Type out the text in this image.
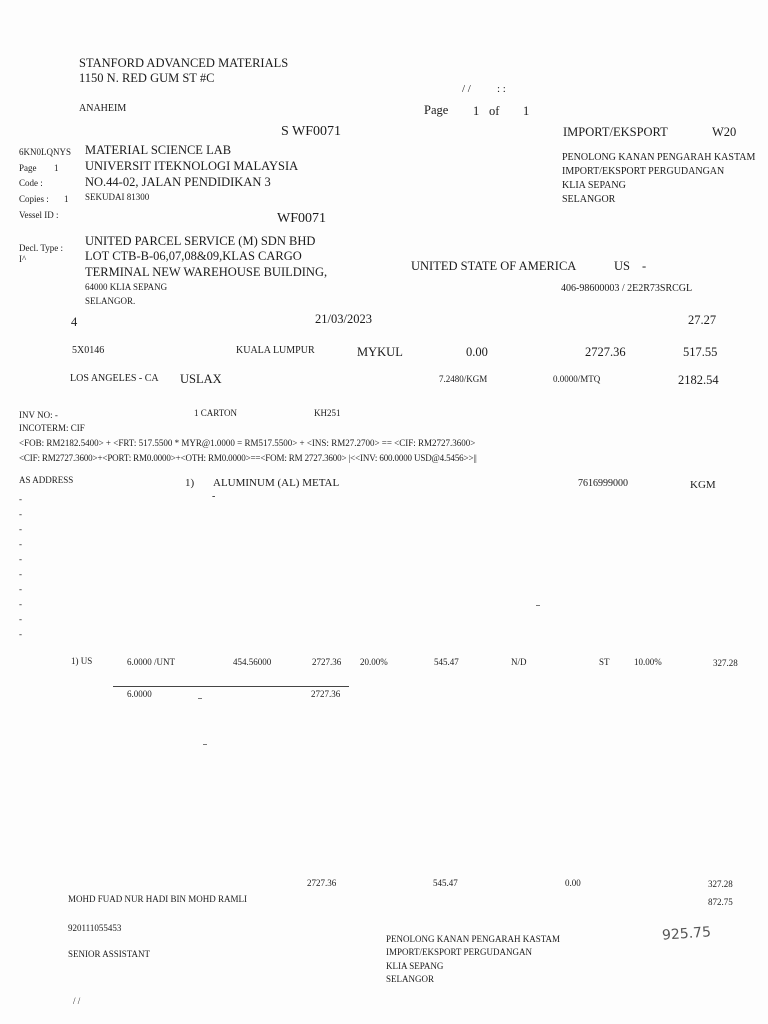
STANFORD ADVANCED MATERIALS
1150 N. RED GUM ST #C
ANAHEIM
/ / : :
Page 1 of 1
S WF0071	IMPORT/EKSPORT	W20
6KN0LQNYS
Page 1
Code :
Copies : 1
Vessel ID :
Decl. Type :
I^
MATERIAL SCIENCE LAB
UNIVERSIT ITEKNOLOGI MALAYSIA
NO.44-02, JALAN PENDIDIKAN 3
SEKUDAI 81300
PENOLONG KANAN PENGARAH KASTAM
IMPORT/EKSPORT PERGUDANGAN
KLIA SEPANG
SELANGOR
WF0071
UNITED PARCEL SERVICE (M) SDN BHD
LOT CTB-B-06,07,08&09,KLAS CARGO
TERMINAL NEW WAREHOUSE BUILDING,
64000 KLIA SEPANG
SELANGOR.
UNITED STATE OF AMERICA	US -
406-98600003 / 2E2R73SRCGL
4	21/03/2023	27.27
5X0146	KUALA LUMPUR	MYKUL	0.00	2727.36	517.55
LOS ANGELES - CA USLAX	7.2480/KGM	0.0000/MTQ	2182.54
INV NO: -	1 CARTON	KH251
INCOTERM: CIF
<FOB: RM2182.5400> + <FRT: 517.5500 * MYR@1.0000 = RM517.5500> + <INS: RM27.2700> == <CIF: RM2727.3600>
<CIF: RM2727.3600>+<PORT: RM0.0000>+<OTH: RM0.0000>==<FOM: RM 2727.3600> |<<INV: 600.0000 USD@4.5456>>||
AS ADDRESS	1) ALUMINUM (AL) METAL
-
7616999000	KGM
-
-
-
-
-
-
-
-
-
-
1) US	6.0000 /UNT	454.56000	2727.36 20.00%	545.47	N/D	ST	10.00%	327.28
6.0000	2727.36
2727.36	545.47	0.00	327.28
872.75
MOHD FUAD NUR HADI BIN MOHD RAMLI
920111055453
SENIOR ASSISTANT
/ /
PENOLONG KANAN PENGARAH KASTAM
IMPORT/EKSPORT PERGUDANGAN
KLIA SEPANG
SELANGOR
925.75
